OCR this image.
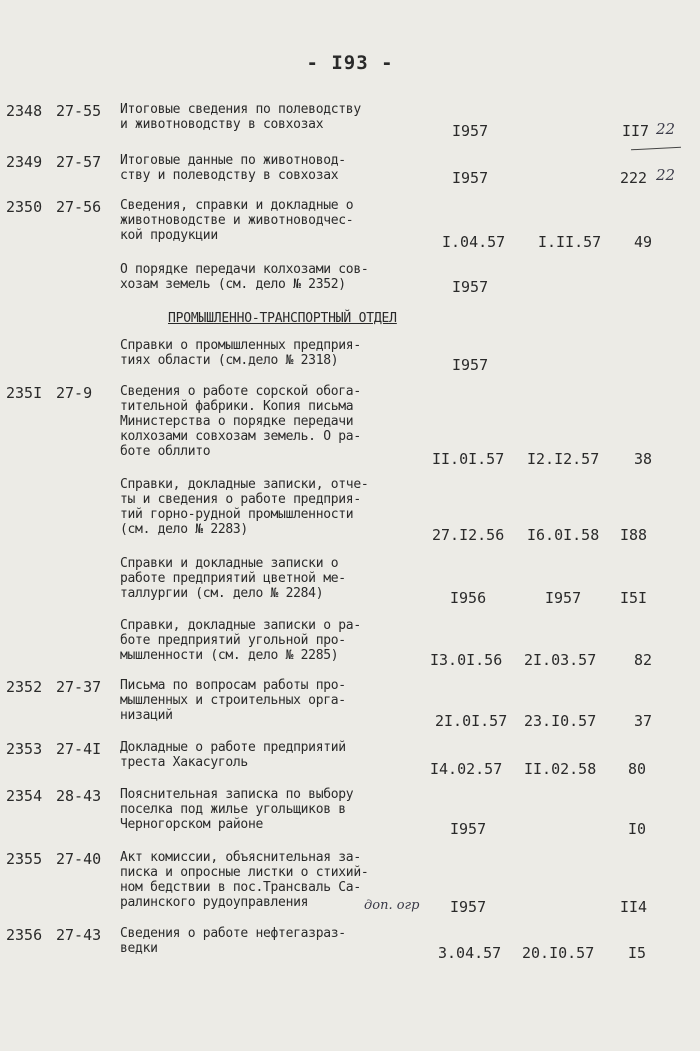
- I93 -
2348 27-55 Итоговые сведения по полеводству
и животноводству в совхозах	I957	II7 22
2349 27-57 Итоговые данные по животновод-
ству и полеводству в совхозах	I957	222 22
2350 27-56 Сведения, справки и докладные о
животноводстве и животноводчес-
кой продукции	I.04.57 I.II.57 49
О порядке передачи колхозами сов-
хозам земель (см. дело № 2352)	I957
ПРОМЫШЛЕННО-ТРАНСПОРТНЫЙ ОТДЕЛ
Справки о промышленных предприя-
тиях области (см.дело № 2318)	I957
235I 27-9 Сведения о работе сорской обога-
тительной фабрики. Копия письма
Министерства о порядке передачи
колхозами совхозам земель. О ра-
боте обллито	II.0I.57 I2.I2.57 38
Справки, докладные записки, отче-
ты и сведения о работе предприя-
тий горно-рудной промышленности
(см. дело № 2283)	27.I2.56 I6.0I.58 I88
Справки и докладные записки о
работе предприятий цветной ме-
таллургии (см. дело № 2284)	I956	I957	I5I
Справки, докладные записки о ра-
боте предприятий угольной про-
мышленности (см. дело № 2285)	I3.0I.56 2I.03.57	82
2352 27-37 Письма по вопросам работы про-
мышленных и строительных орга-
низаций	2I.0I.57 23.I0.57	37
2353 27-4I Докладные о работе предприятий
треста Хакасуголь	I4.02.57 II.02.58 80
2354 28-43 Пояснительная записка по выбору
поселка под жилье угольщиков в
Черногорском районе	I957	I0
2355 27-40 Акт комиссии, объяснительная за-
писка и опросные листки о стихий-
ном бедствии в пос.Трансваль Са-
ралинского рудоуправления	доп. огр I957	II4
2356 27-43 Сведения о работе нефтегазраз-
ведки	3.04.57 20.I0.57 I5
